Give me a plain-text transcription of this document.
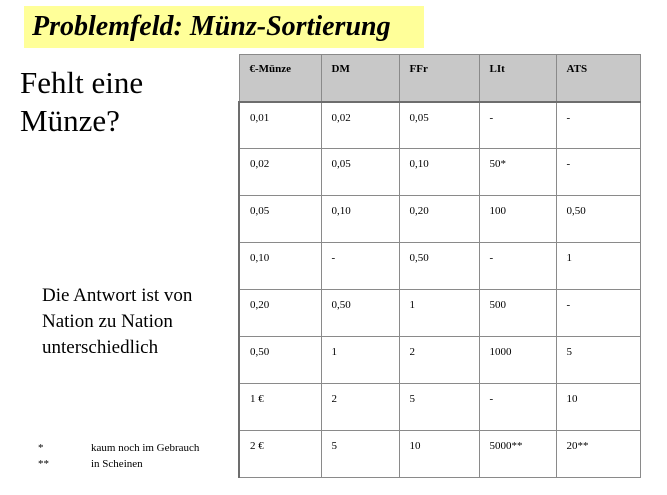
Problemfeld: Münz-Sortierung
Fehlt eine Münze?
Die Antwort ist von Nation zu Nation unterschiedlich
*	kaum noch im Gebrauch
**	in Scheinen
€-Münze	DM	FFr	LIt	ATS
0,01	0,02	0,05	-	-
0,02	0,05	0,10	50*	-
0,05	0,10	0,20	100	0,50
0,10	-	0,50	-	1
0,20	0,50	1	500	-
0,50	1	2	1000	5
1 €	2	5	-	10
2 €	5	10	5000**	20**
